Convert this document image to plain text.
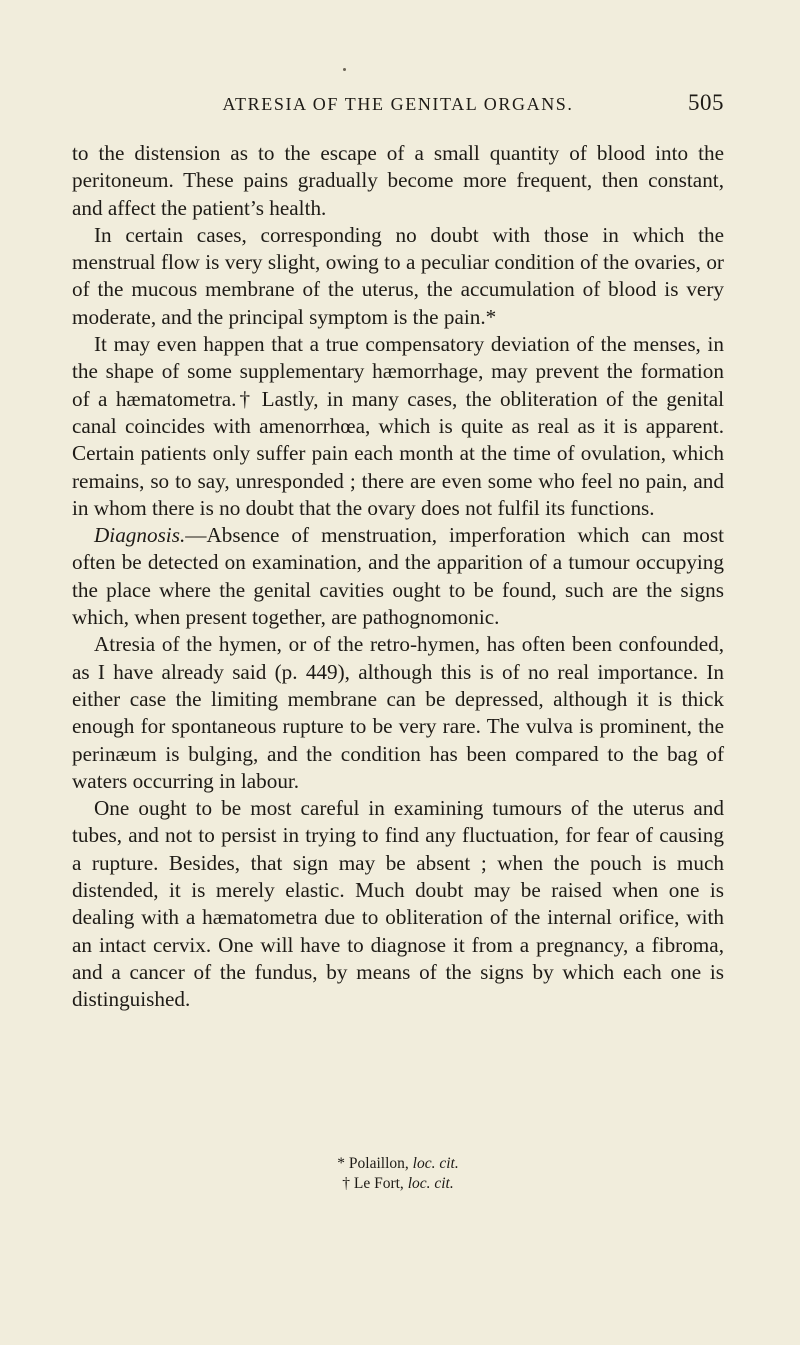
ATRESIA OF THE GENITAL ORGANS.	505

to the distension as to the escape of a small quantity of blood into the peritoneum. These pains gradually become more frequent, then constant, and affect the patient’s health.

In certain cases, corresponding no doubt with those in which the menstrual flow is very slight, owing to a peculiar condition of the ovaries, or of the mucous membrane of the uterus, the accumulation of blood is very moderate, and the principal symptom is the pain.*

It may even happen that a true compensatory deviation of the menses, in the shape of some supplementary hæmorrhage, may prevent the formation of a hæmatometra.† Lastly, in many cases, the obliteration of the genital canal coincides with amenorrhœa, which is quite as real as it is apparent. Certain patients only suffer pain each month at the time of ovulation, which remains, so to say, unresponded ; there are even some who feel no pain, and in whom there is no doubt that the ovary does not fulfil its functions.

Diagnosis.—Absence of menstruation, imperforation which can most often be detected on examination, and the apparition of a tumour occupying the place where the genital cavities ought to be found, such are the signs which, when present together, are pathognomonic.

Atresia of the hymen, or of the retro-hymen, has often been confounded, as I have already said (p. 449), although this is of no real importance. In either case the limiting membrane can be depressed, although it is thick enough for spontaneous rupture to be very rare. The vulva is prominent, the perinæum is bulging, and the condition has been compared to the bag of waters occurring in labour.

One ought to be most careful in examining tumours of the uterus and tubes, and not to persist in trying to find any fluctuation, for fear of causing a rupture. Besides, that sign may be absent ; when the pouch is much distended, it is merely elastic. Much doubt may be raised when one is dealing with a hæmatometra due to obliteration of the internal orifice, with an intact cervix. One will have to diagnose it from a pregnancy, a fibroma, and a cancer of the fundus, by means of the signs by which each one is distinguished.

* Polaillon, loc. cit.
† Le Fort, loc. cit.
